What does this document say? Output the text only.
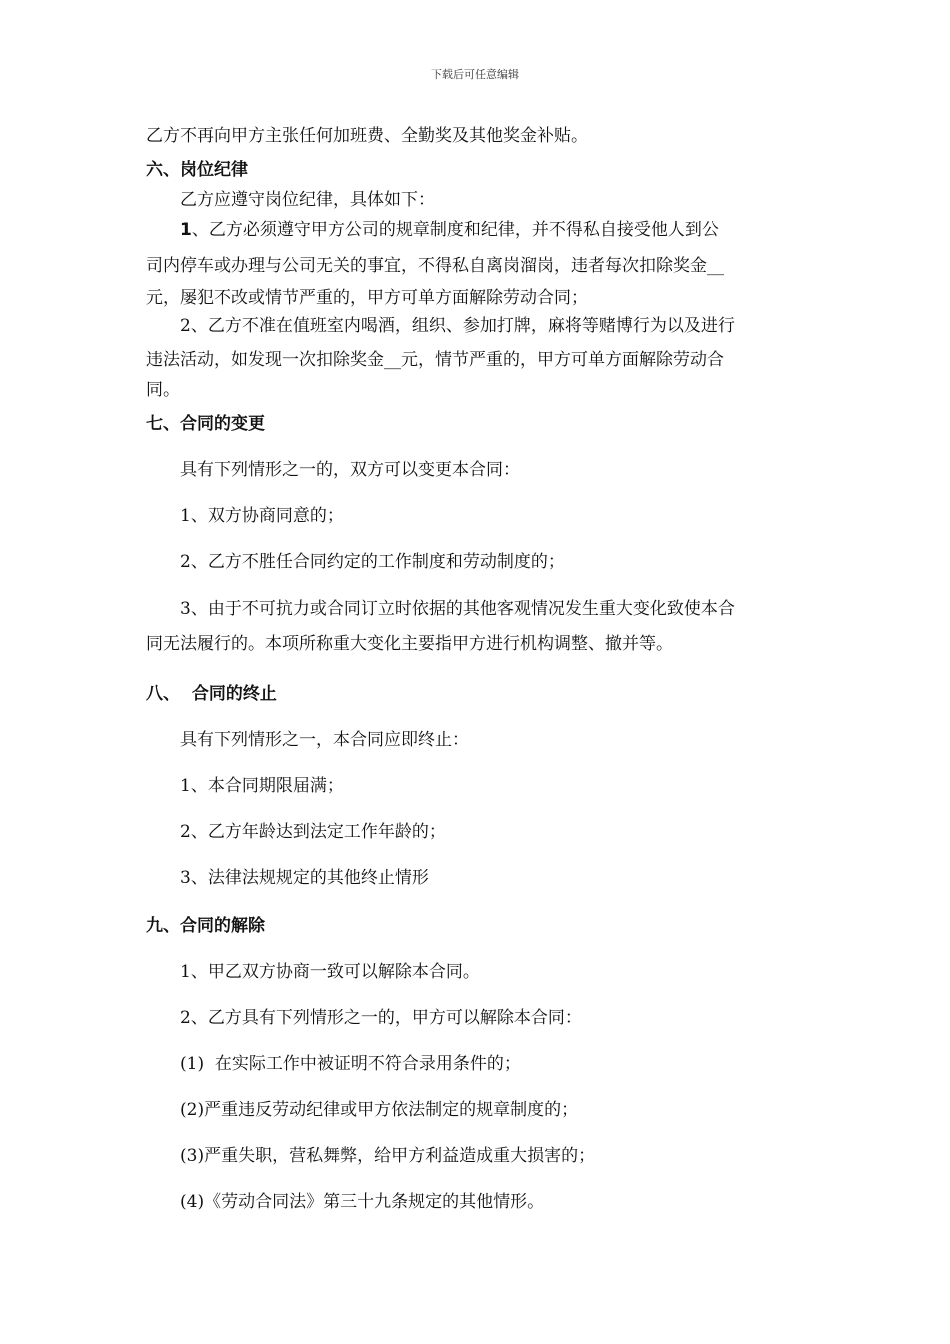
下载后可任意编辑
乙方不再向甲方主张任何加班费、全勤奖及其他奖金补贴。
六、岗位纪律
乙方应遵守岗位纪律，具体如下：
1、乙方必须遵守甲方公司的规章制度和纪律，并不得私自接受他人到公
司内停车或办理与公司无关的事宜，不得私自离岗溜岗，违者每次扣除奖金__
元，屡犯不改或情节严重的，甲方可单方面解除劳动合同；
2、乙方不准在值班室内喝酒，组织、参加打牌，麻将等赌博行为以及进行
违法活动，如发现一次扣除奖金__元，情节严重的，甲方可单方面解除劳动合
同。
七、合同的变更
具有下列情形之一的，双方可以变更本合同：
1、双方协商同意的；
2、乙方不胜任合同约定的工作制度和劳动制度的；
3、由于不可抗力或合同订立时依据的其他客观情况发生重大变化致使本合
同无法履行的。本项所称重大变化主要指甲方进行机构调整、撤并等。
八、  合同的终止
具有下列情形之一，本合同应即终止：
1、本合同期限届满；
2、乙方年龄达到法定工作年龄的；
3、法律法规规定的其他终止情形
九、合同的解除
1、甲乙双方协商一致可以解除本合同。
2、乙方具有下列情形之一的，甲方可以解除本合同：
(1)  在实际工作中被证明不符合录用条件的；
(2)严重违反劳动纪律或甲方依法制定的规章制度的；
(3)严重失职，营私舞弊，给甲方利益造成重大损害的；
(4)《劳动合同法》第三十九条规定的其他情形。
